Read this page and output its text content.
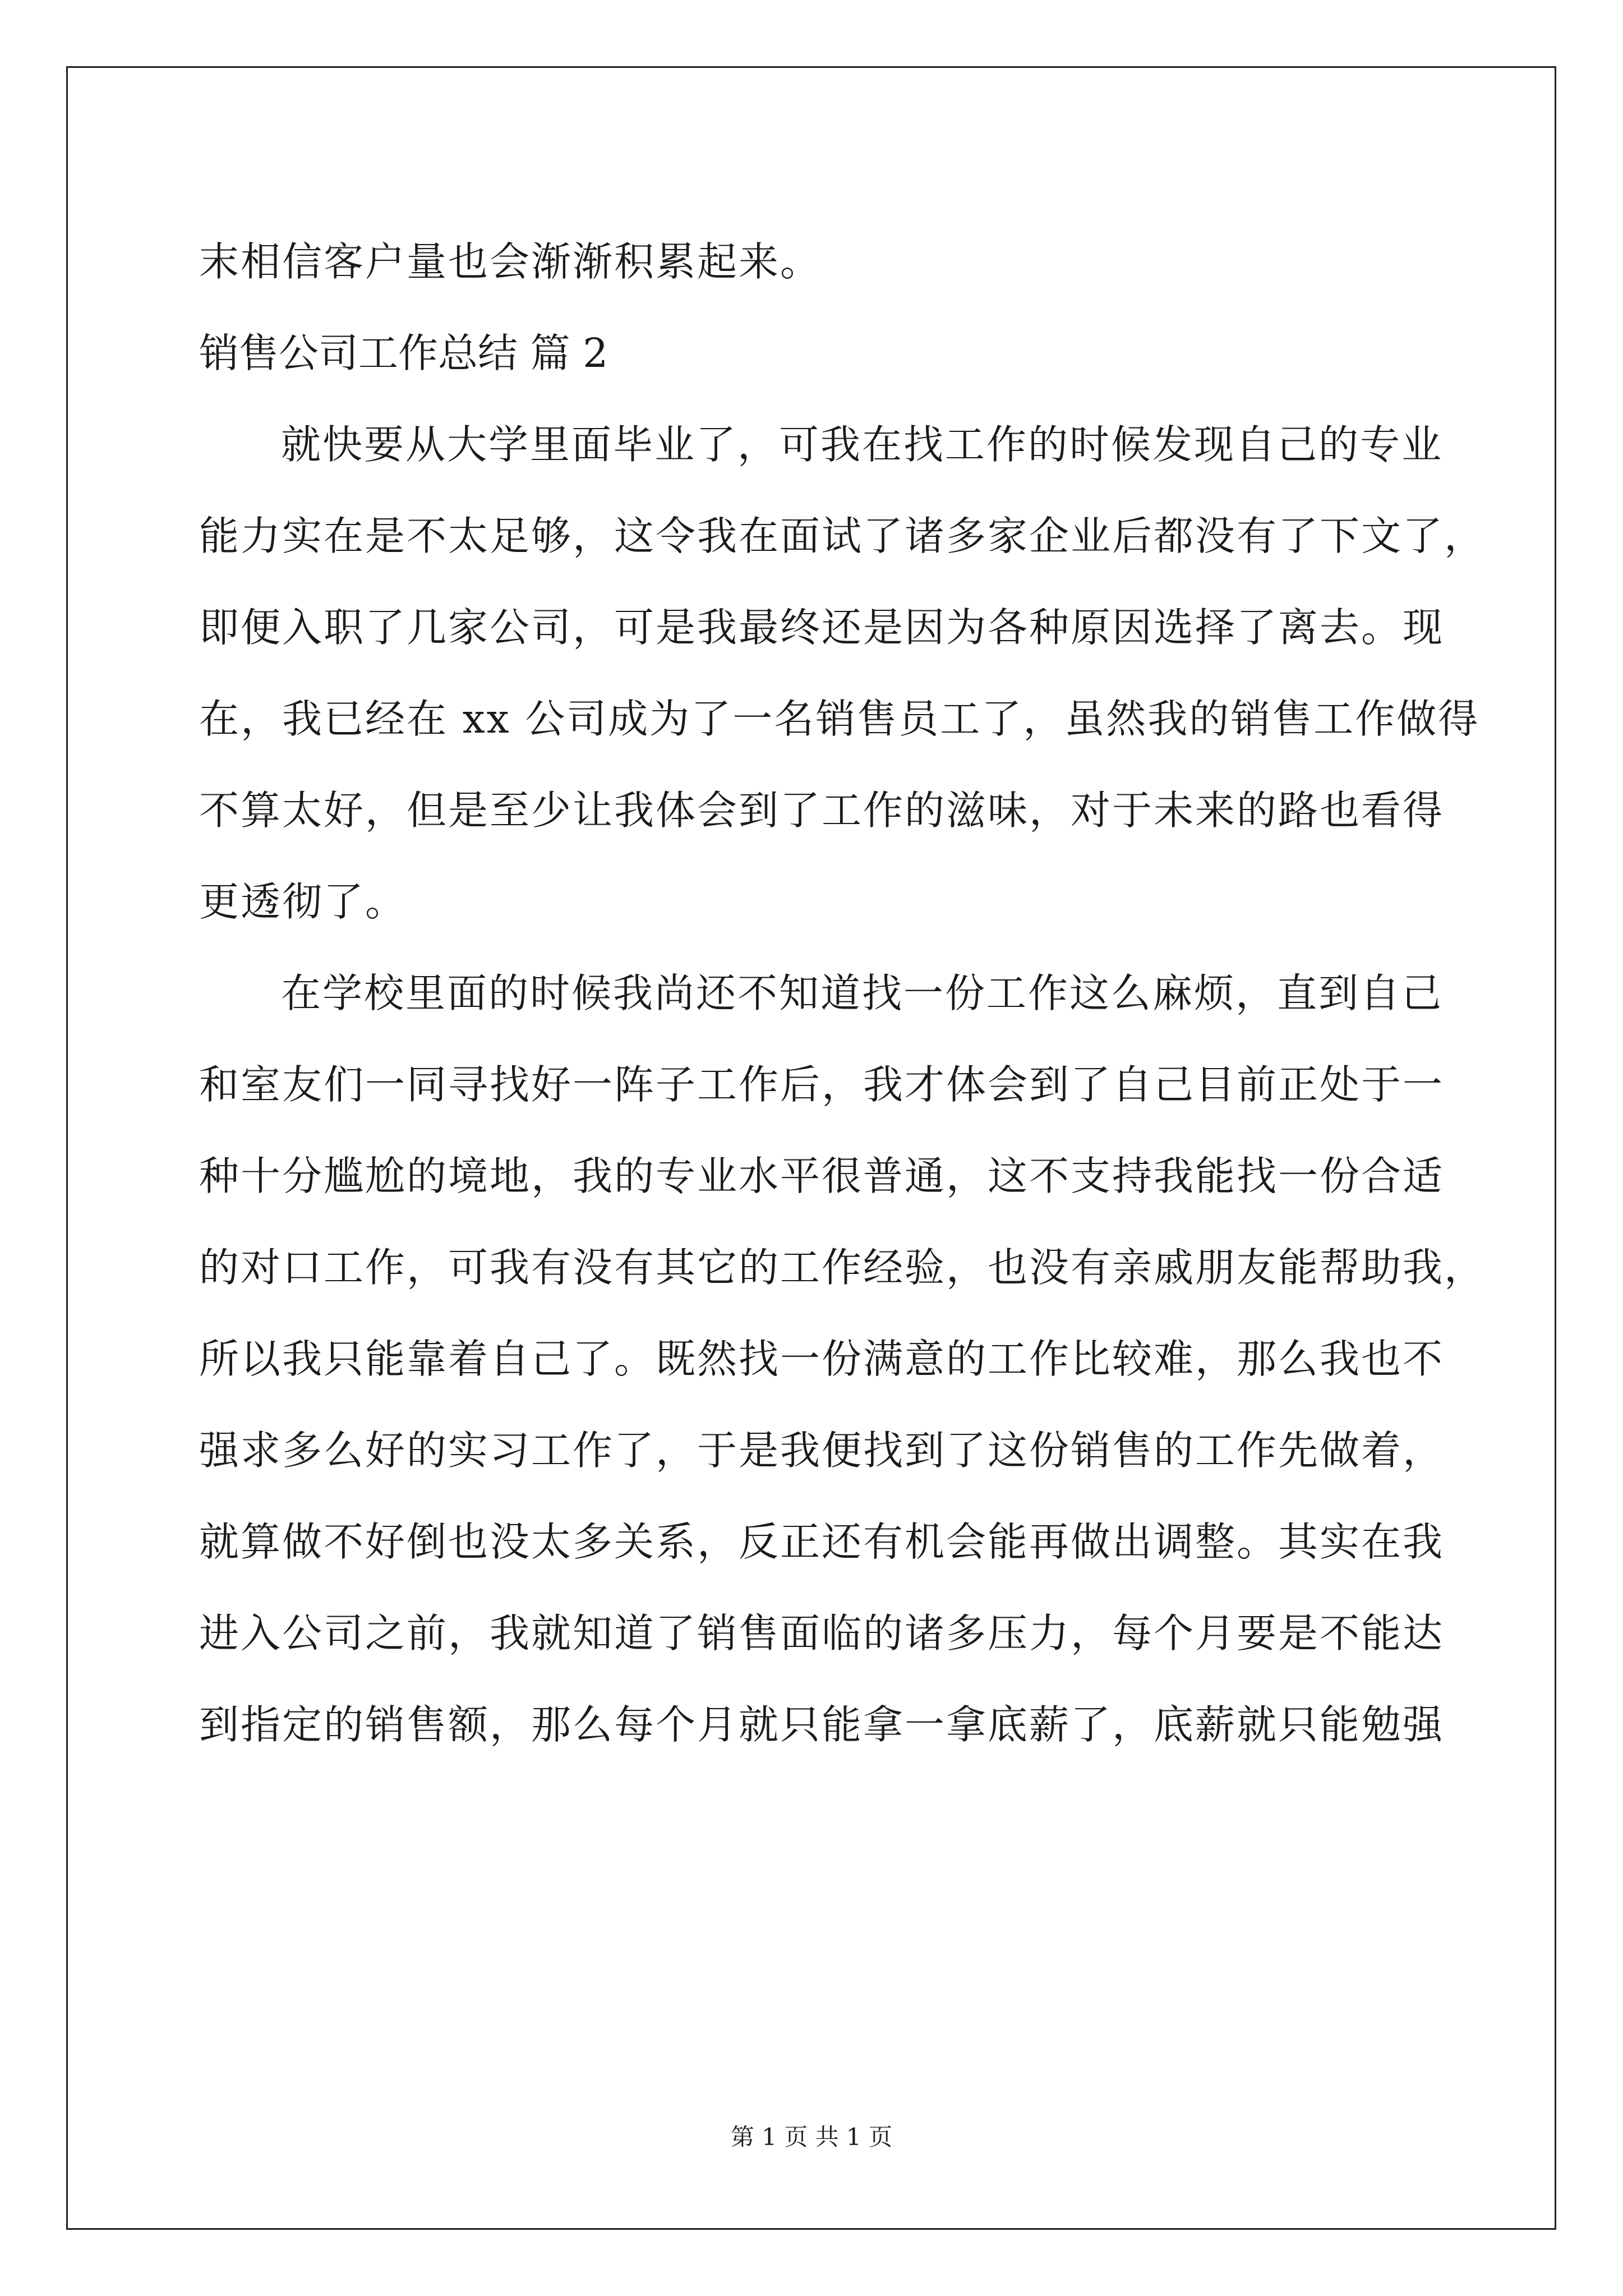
末相信客户量也会渐渐积累起来。
销售公司工作总结 篇 2
就快要从大学里面毕业了，可我在找工作的时候发现自己的专业
能力实在是不太足够，这令我在面试了诸多家企业后都没有了下文了，
即便入职了几家公司，可是我最终还是因为各种原因选择了离去。现
在，我已经在 xx 公司成为了一名销售员工了，虽然我的销售工作做得
不算太好，但是至少让我体会到了工作的滋味，对于未来的路也看得
更透彻了。
在学校里面的时候我尚还不知道找一份工作这么麻烦，直到自己
和室友们一同寻找好一阵子工作后，我才体会到了自己目前正处于一
种十分尴尬的境地，我的专业水平很普通，这不支持我能找一份合适
的对口工作，可我有没有其它的工作经验，也没有亲戚朋友能帮助我，
所以我只能靠着自己了。既然找一份满意的工作比较难，那么我也不
强求多么好的实习工作了，于是我便找到了这份销售的工作先做着，
就算做不好倒也没太多关系，反正还有机会能再做出调整。其实在我
进入公司之前，我就知道了销售面临的诸多压力，每个月要是不能达
到指定的销售额，那么每个月就只能拿一拿底薪了，底薪就只能勉强
第 1 页 共 1 页
